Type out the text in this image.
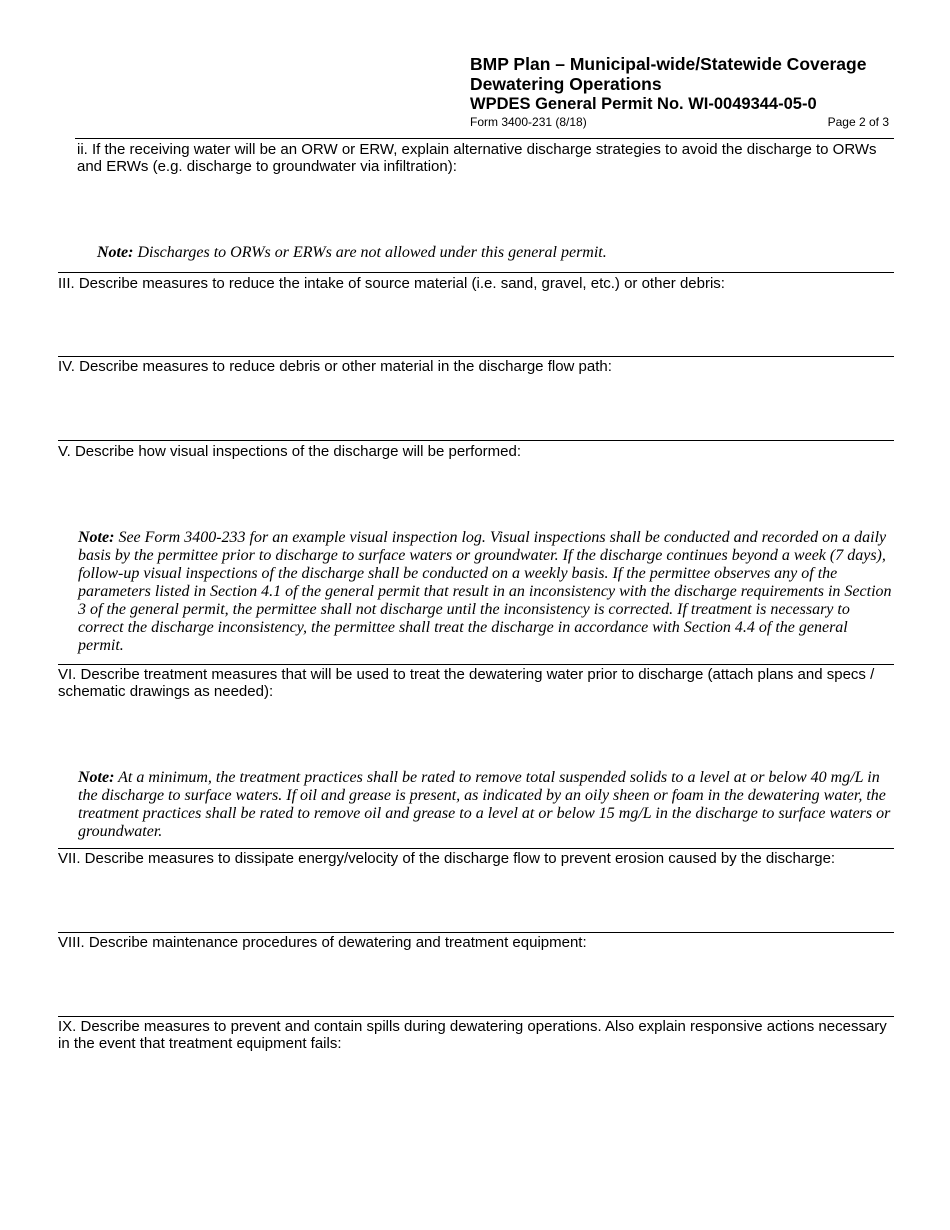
BMP Plan – Municipal-wide/Statewide Coverage
Dewatering Operations
WPDES General Permit No. WI-0049344-05-0
Form 3400-231 (8/18)	Page 2 of 3
ii. If the receiving water will be an ORW or ERW, explain alternative discharge strategies to avoid the discharge to ORWs and ERWs (e.g. discharge to groundwater via infiltration):
Note: Discharges to ORWs or ERWs are not allowed under this general permit.
III. Describe measures to reduce the intake of source material (i.e. sand, gravel, etc.) or other debris:
IV. Describe measures to reduce debris or other material in the discharge flow path:
V. Describe how visual inspections of the discharge will be performed:
Note: See Form 3400-233 for an example visual inspection log. Visual inspections shall be conducted and recorded on a daily basis by the permittee prior to discharge to surface waters or groundwater. If the discharge continues beyond a week (7 days), follow-up visual inspections of the discharge shall be conducted on a weekly basis. If the permittee observes any of the parameters listed in Section 4.1 of the general permit that result in an inconsistency with the discharge requirements in Section 3 of the general permit, the permittee shall not discharge until the inconsistency is corrected. If treatment is necessary to correct the discharge inconsistency, the permittee shall treat the discharge in accordance with Section 4.4 of the general permit.
VI. Describe treatment measures that will be used to treat the dewatering water prior to discharge (attach plans and specs / schematic drawings as needed):
Note: At a minimum, the treatment practices shall be rated to remove total suspended solids to a level at or below 40 mg/L in the discharge to surface waters. If oil and grease is present, as indicated by an oily sheen or foam in the dewatering water, the treatment practices shall be rated to remove oil and grease to a level at or below 15 mg/L in the discharge to surface waters or groundwater.
VII. Describe measures to dissipate energy/velocity of the discharge flow to prevent erosion caused by the discharge:
VIII. Describe maintenance procedures of dewatering and treatment equipment:
IX. Describe measures to prevent and contain spills during dewatering operations. Also explain responsive actions necessary in the event that treatment equipment fails:
